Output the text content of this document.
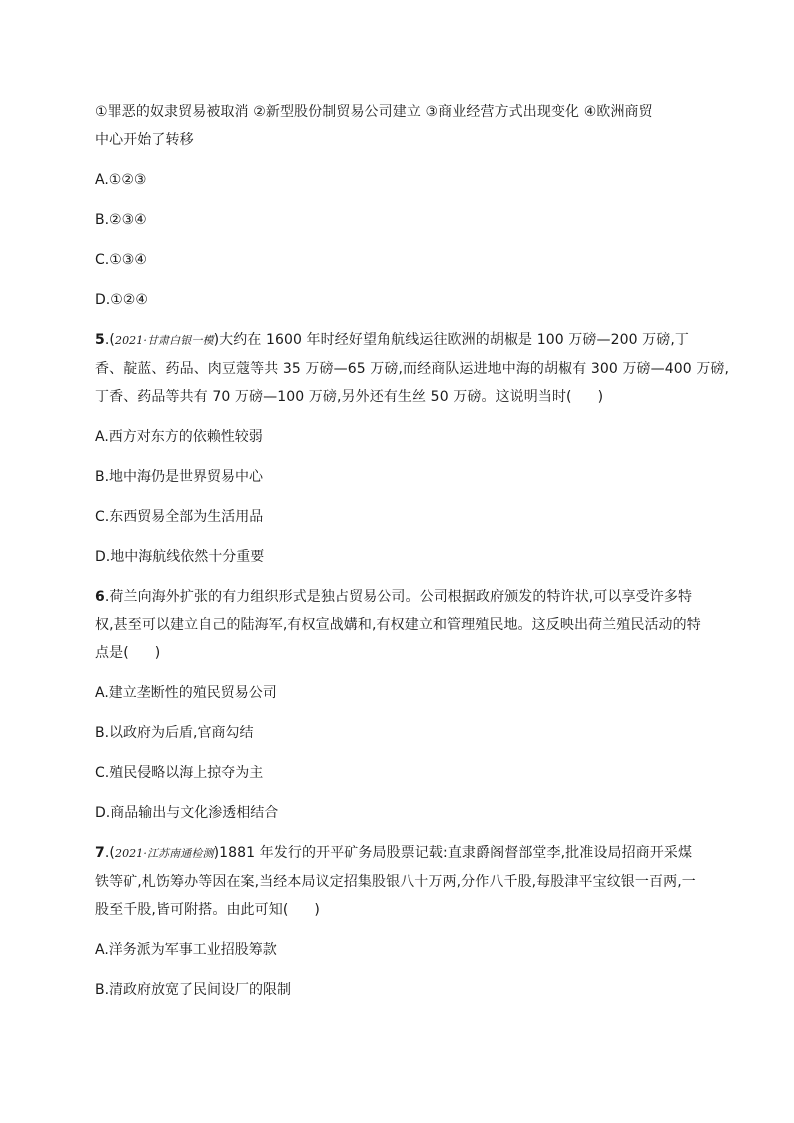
①罪恶的奴隶贸易被取消 ②新型股份制贸易公司建立 ③商业经营方式出现变化 ④欧洲商贸
中心开始了转移
A.①②③
B.②③④
C.①③④
D.①②④
5.(2021·甘肃白银一模)大约在 1600 年时经好望角航线运往欧洲的胡椒是 100 万磅—200 万磅,丁
香、靛蓝、药品、肉豆蔻等共 35 万磅—65 万磅,而经商队运进地中海的胡椒有 300 万磅—400 万磅,
丁香、药品等共有 70 万磅—100 万磅,另外还有生丝 50 万磅。这说明当时( )
A.西方对东方的依赖性较弱
B.地中海仍是世界贸易中心
C.东西贸易全部为生活用品
D.地中海航线依然十分重要
6.荷兰向海外扩张的有力组织形式是独占贸易公司。公司根据政府颁发的特许状,可以享受许多特
权,甚至可以建立自己的陆海军,有权宣战媾和,有权建立和管理殖民地。这反映出荷兰殖民活动的特
点是( )
A.建立垄断性的殖民贸易公司
B.以政府为后盾,官商勾结
C.殖民侵略以海上掠夺为主
D.商品输出与文化渗透相结合
7.(2021·江苏南通检测)1881 年发行的开平矿务局股票记载:直隶爵阁督部堂李,批准设局招商开采煤
铁等矿,札饬筹办等因在案,当经本局议定招集股银八十万两,分作八千股,每股津平宝纹银一百两,一
股至千股,皆可附搭。由此可知( )
A.洋务派为军事工业招股筹款
B.清政府放宽了民间设厂的限制
